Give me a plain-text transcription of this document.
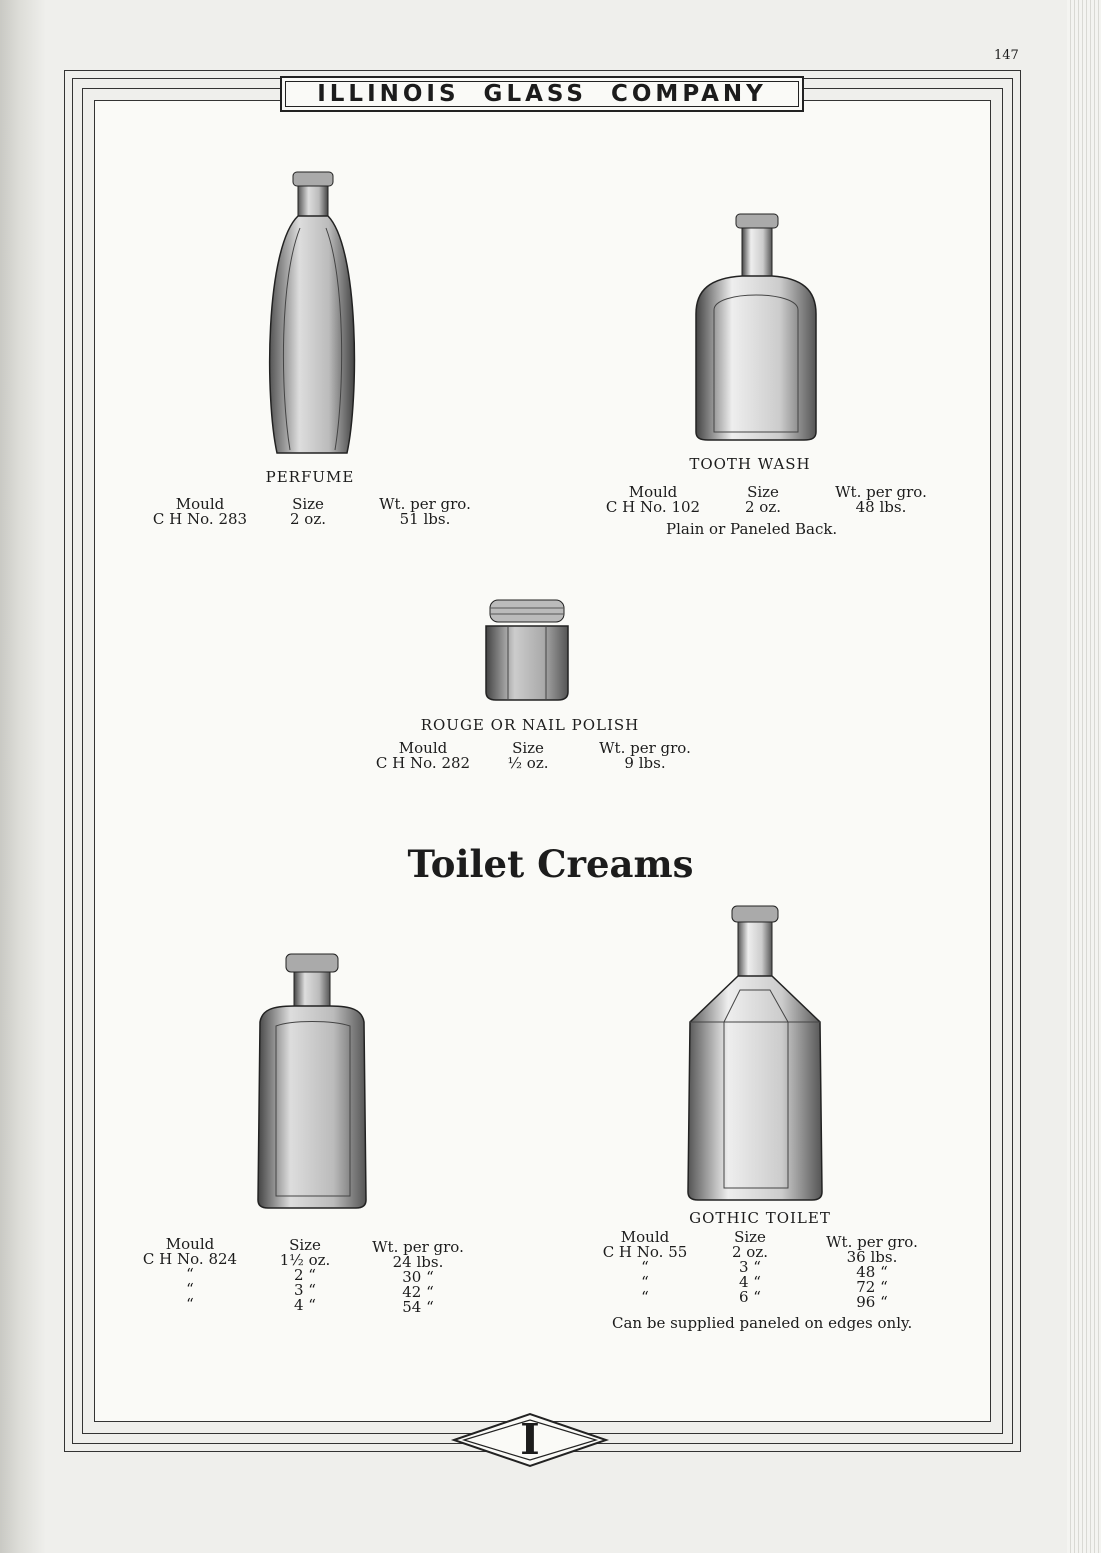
147
ILLINOIS GLASS COMPANY
PERFUME
Mould
C H No. 283
Size
2 oz.
Wt. per gro.
51 lbs.
TOOTH WASH
Mould
C H No. 102
Size
2 oz.
Wt. per gro.
48 lbs.
Plain or Paneled Back.
ROUGE OR NAIL POLISH
Mould
C H No. 282
Size
½ oz.
Wt. per gro.
9 lbs.
Toilet Creams
Mould
C H No. 824
“
“
“
Size
1½ oz.
2 “
3 “
4 “
Wt. per gro.
24 lbs.
30 “
42 “
54 “
GOTHIC TOILET
Mould
C H No. 55
“
“
“
Size
2 oz.
3 “
4 “
6 “
Wt. per gro.
36 lbs.
48 “
72 “
96 “
Can be supplied paneled on edges only.
I
